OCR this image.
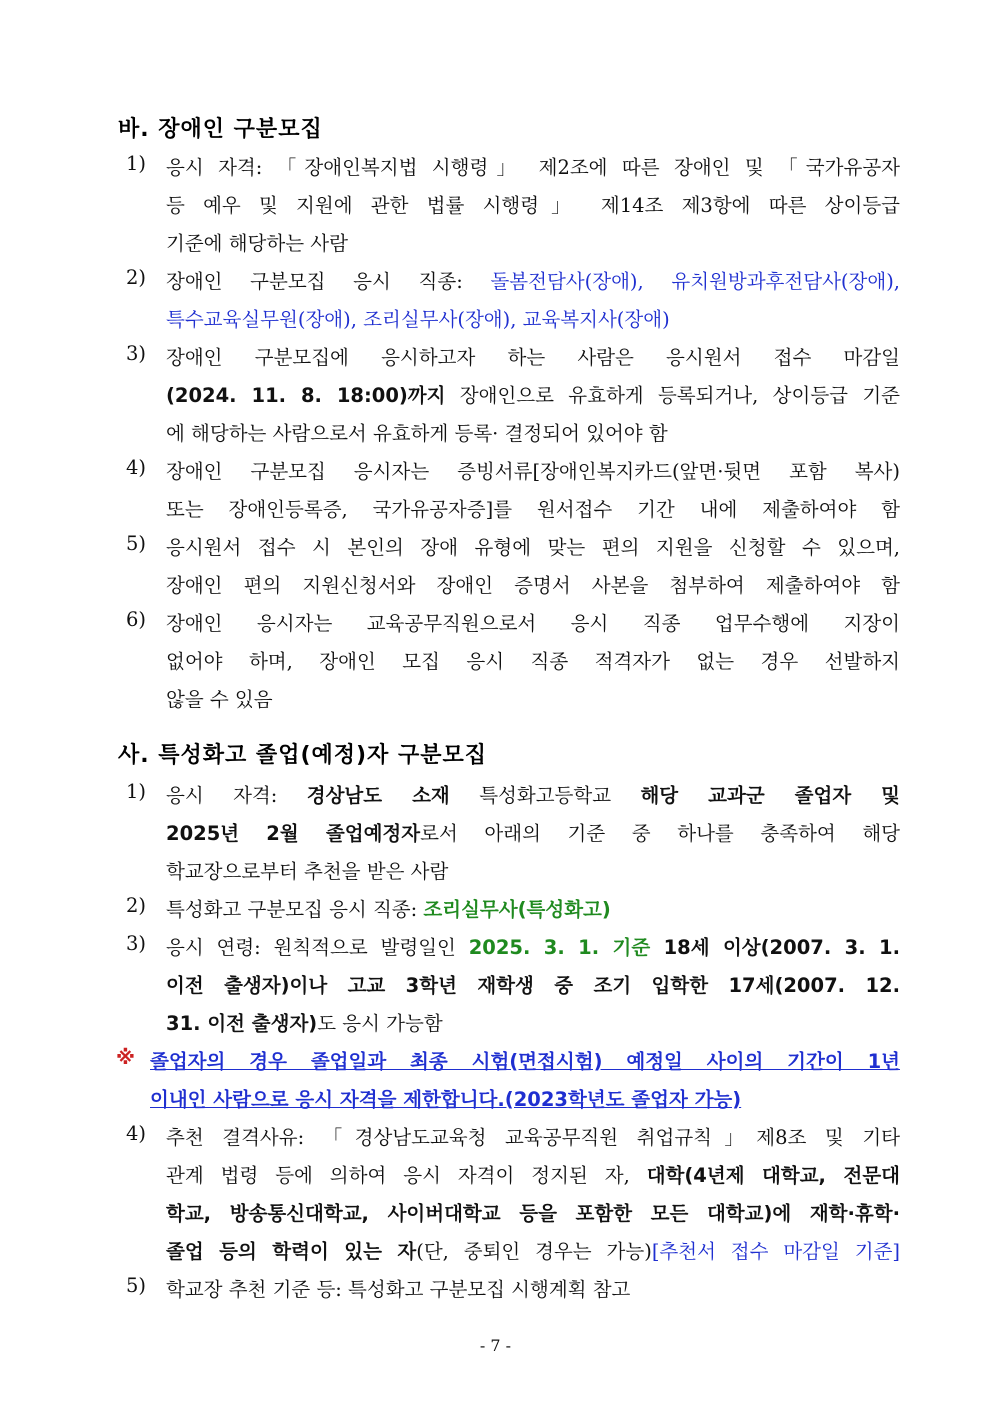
바. 장애인 구분모집
1) 응시 자격: 「장애인복지법 시행령」 제2조에 따른 장애인 및 「국가유공자
등 예우 및 지원에 관한 법률 시행령」 제14조 제3항에 따른 상이등급
기준에 해당하는 사람
2) 장애인 구분모집 응시 직종: 돌봄전담사(장애), 유치원방과후전담사(장애),
특수교육실무원(장애), 조리실무사(장애), 교육복지사(장애)
3) 장애인 구분모집에 응시하고자 하는 사람은 응시원서 접수 마감일
(2024. 11. 8. 18:00)까지 장애인으로 유효하게 등록되거나, 상이등급 기준
에 해당하는 사람으로서 유효하게 등록· 결정되어 있어야 함
4) 장애인 구분모집 응시자는 증빙서류[장애인복지카드(앞면·뒷면 포함 복사)
또는 장애인등록증, 국가유공자증]를 원서접수 기간 내에 제출하여야 함
5) 응시원서 접수 시 본인의 장애 유형에 맞는 편의 지원을 신청할 수 있으며,
장애인 편의 지원신청서와 장애인 증명서 사본을 첨부하여 제출하여야 함
6) 장애인 응시자는 교육공무직원으로서 응시 직종 업무수행에 지장이
없어야 하며, 장애인 모집 응시 직종 적격자가 없는 경우 선발하지
않을 수 있음
사. 특성화고 졸업(예정)자 구분모집
1) 응시 자격: 경상남도 소재 특성화고등학교 해당 교과군 졸업자 및
2025년 2월 졸업예정자로서 아래의 기준 중 하나를 충족하여 해당
학교장으로부터 추천을 받은 사람
2) 특성화고 구분모집 응시 직종: 조리실무사(특성화고)
3) 응시 연령: 원칙적으로 발령일인 2025. 3. 1. 기준 18세 이상(2007. 3. 1.
이전 출생자)이나 고교 3학년 재학생 중 조기 입학한 17세(2007. 12.
31. 이전 출생자)도 응시 가능함
※ 졸업자의 경우 졸업일과 최종 시험(면접시험) 예정일 사이의 기간이 1년
이내인 사람으로 응시 자격을 제한합니다.(2023학년도 졸업자 가능)
4) 추천 결격사유: 「경상남도교육청 교육공무직원 취업규칙」제8조 및 기타
관계 법령 등에 의하여 응시 자격이 정지된 자, 대학(4년제 대학교, 전문대
학교, 방송통신대학교, 사이버대학교 등을 포함한 모든 대학교)에 재학·휴학·
졸업 등의 학력이 있는 자(단, 중퇴인 경우는 가능)[추천서 접수 마감일 기준]
5) 학교장 추천 기준 등: 특성화고 구분모집 시행계획 참고
- 7 -
